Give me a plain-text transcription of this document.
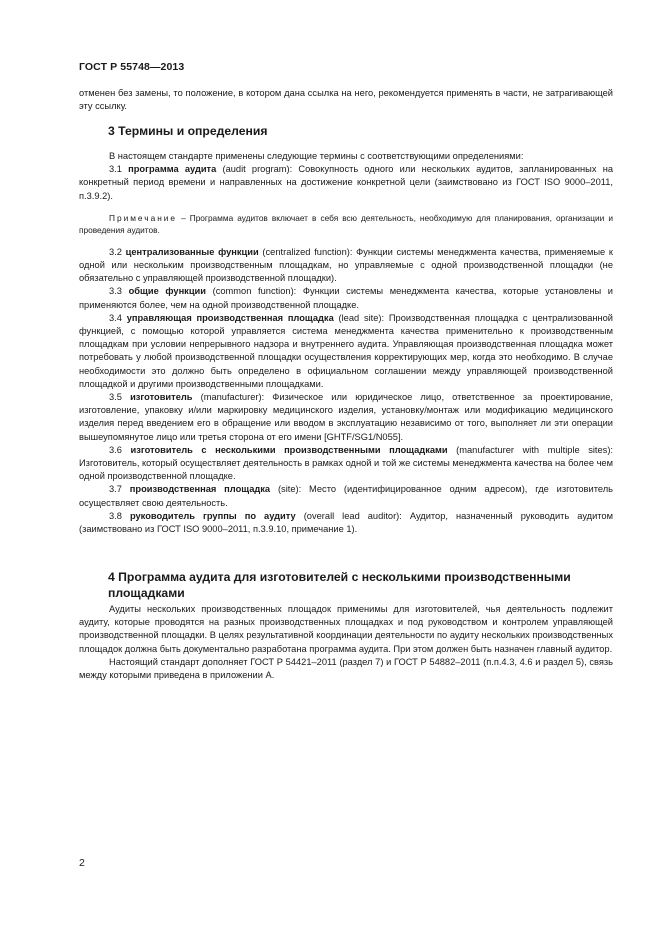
ГОСТ Р 55748—2013

отменен без замены, то положение, в котором дана ссылка на него, рекомендуется применять в части, не затрагивающей эту ссылку.

3 Термины и определения

В настоящем стандарте применены следующие термины с соответствующими определениями:

3.1 программа аудита (audit program): Совокупность одного или нескольких аудитов, запланированных на конкретный период времени и направленных на достижение конкретной цели (заимствовано из ГОСТ ISO 9000–2011, п.3.9.2).

Примечание – Программа аудитов включает в себя всю деятельность, необходимую для планирования, организации и проведения аудитов.

3.2 централизованные функции (centralized function): Функции системы менеджмента качества, применяемые к одной или нескольким производственным площадкам, но управляемые с одной производственной площадки (не обязательно с управляющей производственной площадки).

3.3 общие функции (common function): Функции системы менеджмента качества, которые установлены и применяются более, чем на одной производственной площадке.

3.4 управляющая производственная площадка (lead site): Производственная площадка с централизованной функцией, с помощью которой управляется система менеджмента качества применительно к производственным площадкам при условии непрерывного надзора и внутреннего аудита. Управляющая производственная площадка может потребовать у любой производственной площадки осуществления корректирующих мер, когда это необходимо. В случае необходимости это должно быть определено в официальном соглашении между управляющей производственной площадкой и другими производственными площадками.

3.5 изготовитель (manufacturer): Физическое или юридическое лицо, ответственное за проектирование, изготовление, упаковку и/или маркировку медицинского изделия, установку/монтаж или модификацию медицинского изделия перед введением его в обращение или вводом в эксплуатацию независимо от того, выполняет ли эти операции вышеупомянутое лицо или третья сторона от его имени [GHTF/SG1/N055].

3.6 изготовитель с несколькими производственными площадками (manufacturer with multiple sites): Изготовитель, который осуществляет деятельность в рамках одной и той же системы менеджмента качества на более чем одной производственной площадке.

3.7 производственная площадка (site): Место (идентифицированное одним адресом), где изготовитель осуществляет свою деятельность.

3.8 руководитель группы по аудиту (overall lead auditor): Аудитор, назначенный руководить аудитом (заимствовано из ГОСТ ISO 9000–2011, п.3.9.10, примечание 1).

4 Программа аудита для изготовителей с несколькими производственными площадками

Аудиты нескольких производственных площадок применимы для изготовителей, чья деятельность подлежит аудиту, которые проводятся на разных производственных площадках и под руководством и контролем управляющей производственной площадки. В целях результативной координации деятельности по аудиту нескольких производственных площадок должна быть документально разработана программа аудита. При этом должен быть назначен главный аудитор.

Настоящий стандарт дополняет ГОСТ Р 54421–2011 (раздел 7) и ГОСТ Р 54882–2011 (п.п.4.3, 4.6 и раздел 5), связь между которыми приведена в приложении А.

2
